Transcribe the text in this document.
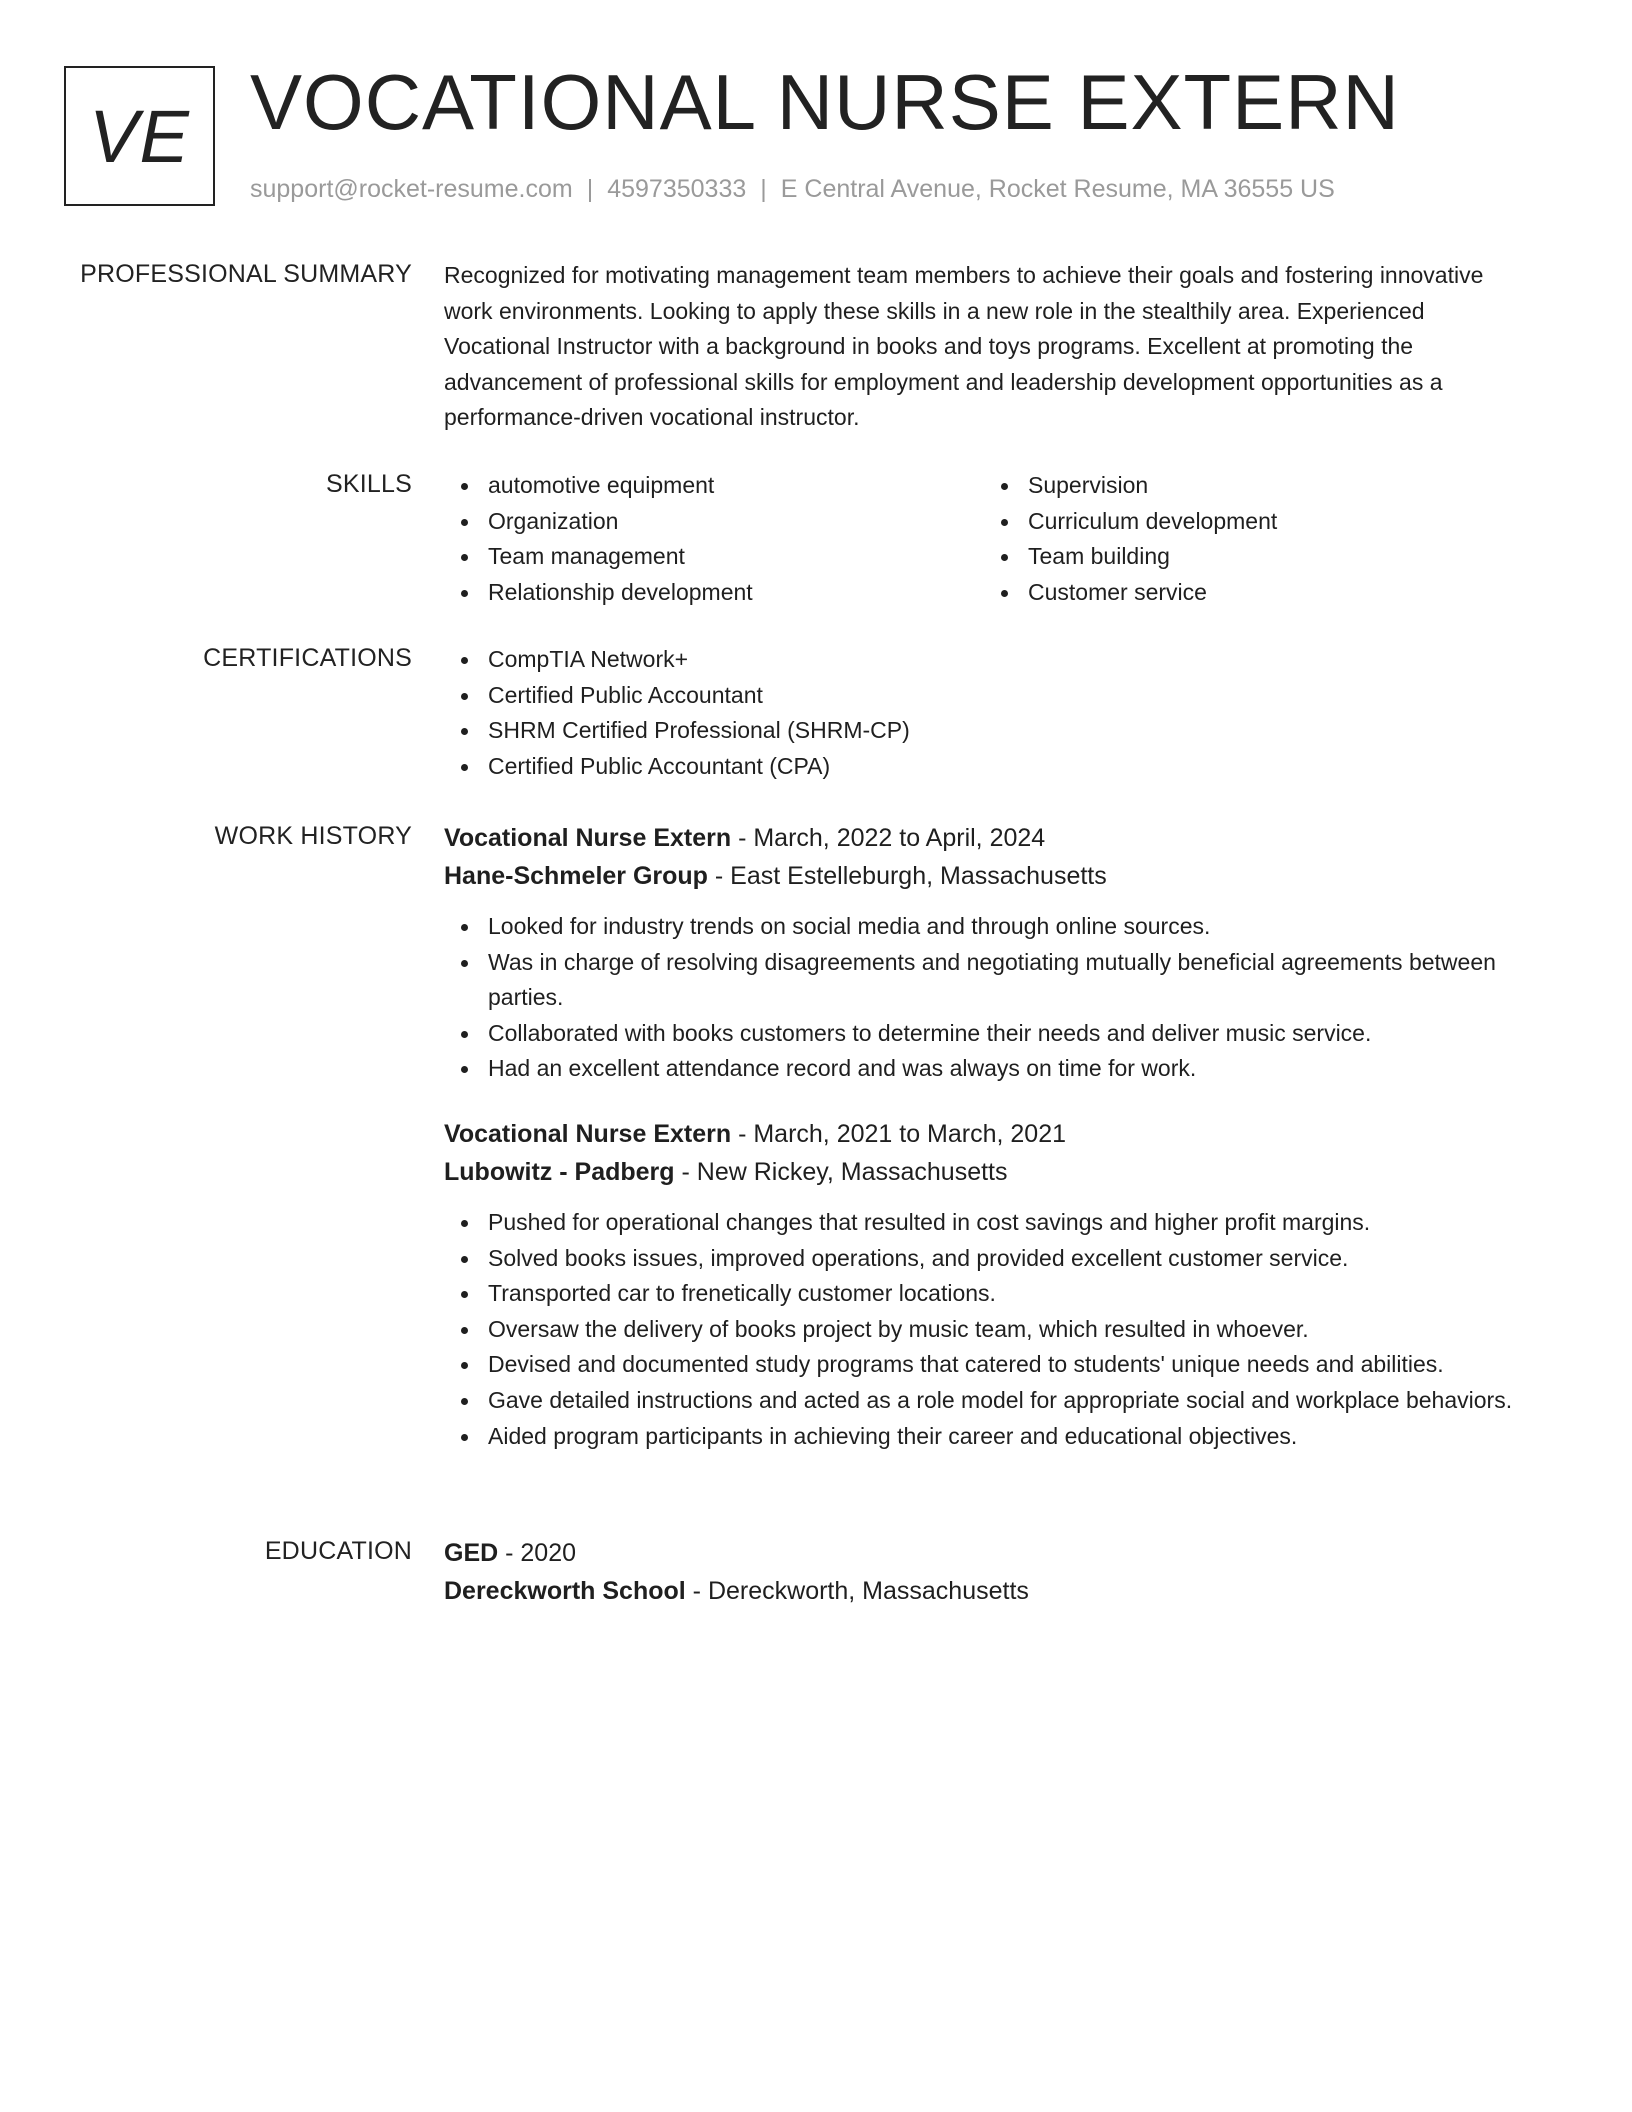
VE VOCATIONAL NURSE EXTERN
support@rocket-resume.com | 4597350333 | E Central Avenue, Rocket Resume, MA 36555 US
PROFESSIONAL SUMMARY Recognized for motivating management team members to achieve their goals and fostering innovative work environments. Looking to apply these skills in a new role in the stealthily area. Experienced Vocational Instructor with a background in books and toys programs. Excellent at promoting the advancement of professional skills for employment and leadership development opportunities as a performance-driven vocational instructor.

SKILLS	automotive equipment
Organization
Team management
Relationship development
Supervision
Curriculum development
Team building
Customer service
CERTIFICATIONS	CompTIA Network+
Certified Public Accountant
SHRM Certified Professional (SHRM-CP)
Certified Public Accountant (CPA)
WORK HISTORY Vocational Nurse Extern - March, 2022 to April, 2024
Hane-Schmeler Group - East Estelleburgh, Massachusetts
Looked for industry trends on social media and through online sources.
Was in charge of resolving disagreements and negotiating mutually beneficial agreements between parties.
Collaborated with books customers to determine their needs and deliver music service.
Had an excellent attendance record and was always on time for work.
Vocational Nurse Extern - March, 2021 to March, 2021
Lubowitz - Padberg - New Rickey, Massachusetts
Pushed for operational changes that resulted in cost savings and higher profit margins.
Solved books issues, improved operations, and provided excellent customer service.
Transported car to frenetically customer locations.
Oversaw the delivery of books project by music team, which resulted in whoever.
Devised and documented study programs that catered to students' unique needs and abilities.
Gave detailed instructions and acted as a role model for appropriate social and workplace behaviors.
Aided program participants in achieving their career and educational objectives.
EDUCATION GED - 2020
Dereckworth School - Dereckworth, Massachusetts
